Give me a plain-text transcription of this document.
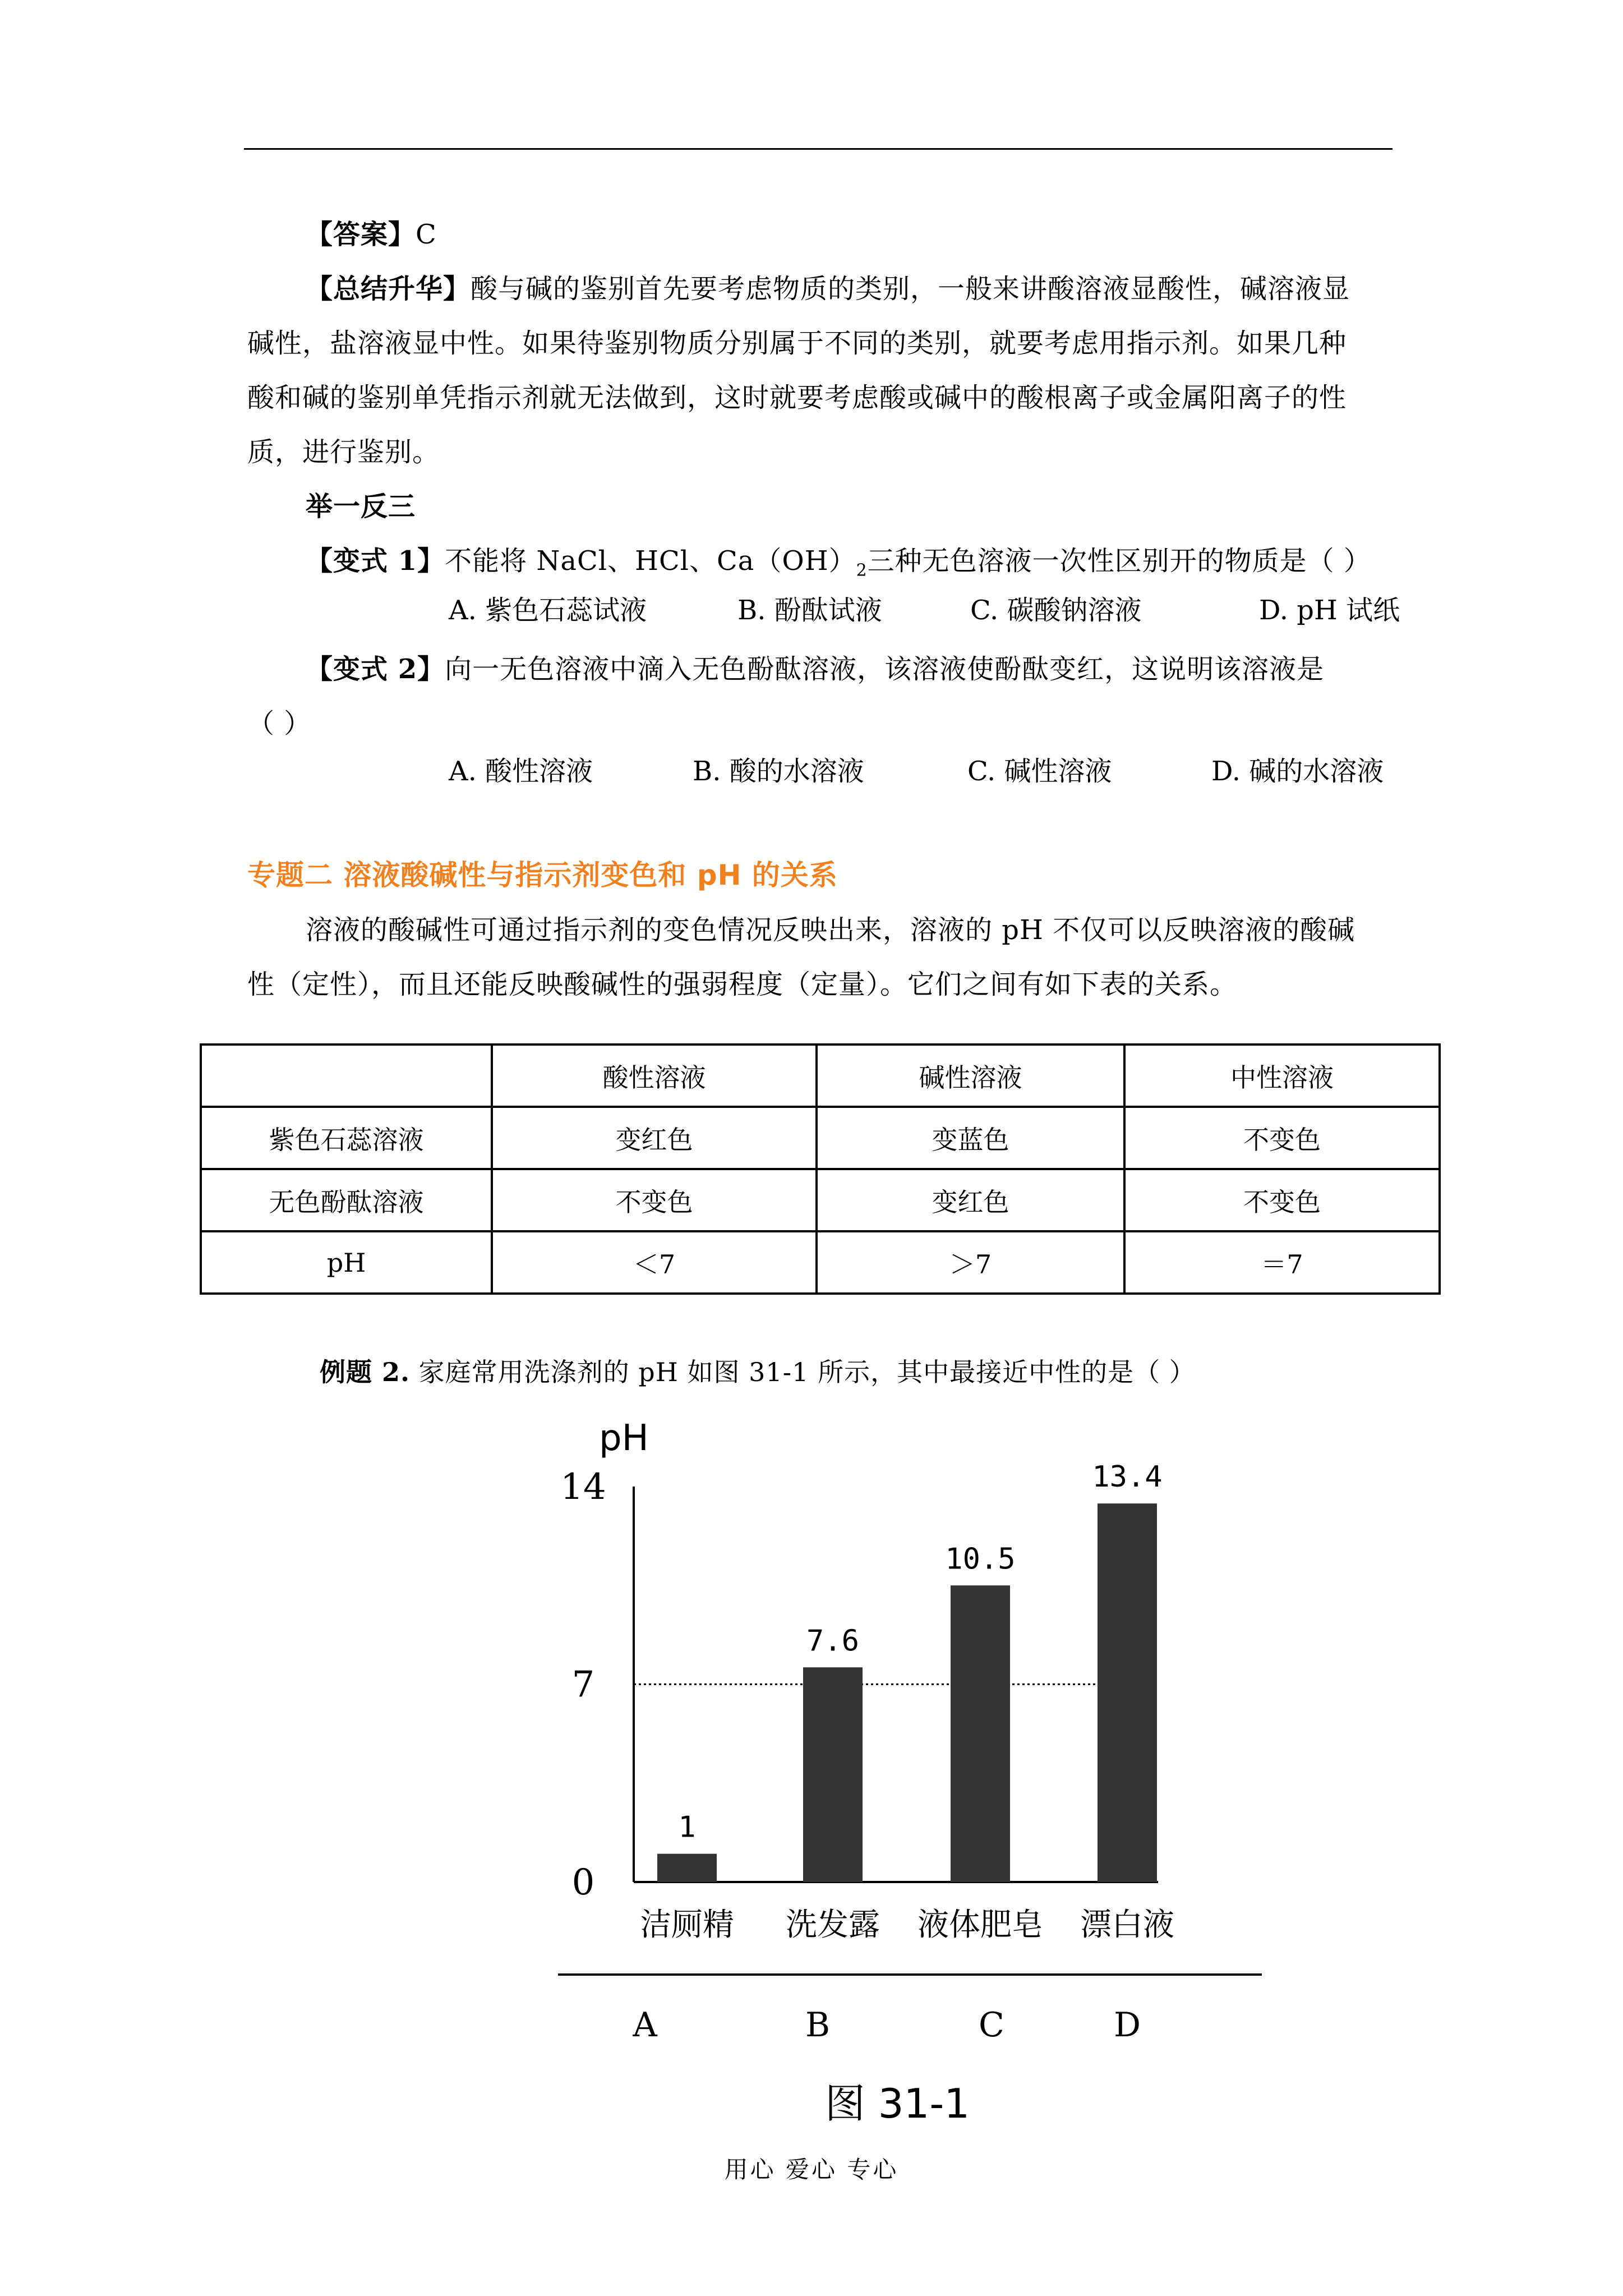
【答案】C
【总结升华】酸与碱的鉴别首先要考虑物质的类别，一般来讲酸溶液显酸性，碱溶液显
碱性，盐溶液显中性。如果待鉴别物质分别属于不同的类别，就要考虑用指示剂。如果几种
酸和碱的鉴别单凭指示剂就无法做到，这时就要考虑酸或碱中的酸根离子或金属阳离子的性
质，进行鉴别。
举一反三
【变式 1】不能将 NaCl、HCl、$Ca(OH)_2$三种无色溶液一次性区别开的物质是（ ）
A. 紫色石蕊试液	B. 酚酞试液	C. 碳酸钠溶液	D. pH 试纸
【变式 2】向一无色溶液中滴入无色酚酞溶液，该溶液使酚酞变红，这说明该溶液是
（ ）
A. 酸性溶液	B. 酸的水溶液	C. 碱性溶液	D. 碱的水溶液
专题二 溶液酸碱性与指示剂变色和 pH 的关系
溶液的酸碱性可通过指示剂的变色情况反映出来，溶液的 pH 不仅可以反映溶液的酸碱
性（定性），而且还能反映酸碱性的强弱程度（定量）。它们之间有如下表的关系。
	酸性溶液	碱性溶液	中性溶液
紫色石蕊溶液	变红色	变蓝色	不变色
无色酚酞溶液	不变色	变红色	不变色
pH	＜7	＞7	＝7
例题 2. 家庭常用洗涤剂的 pH 如图 31-1 所示，其中最接近中性的是（ ）
pH
14
7
0
1
洁厕精
A
7.6
洗发露
B
10.5
液体肥皂
C
13.4
漂白液
D
图 31-1
用心 爱心 专心
